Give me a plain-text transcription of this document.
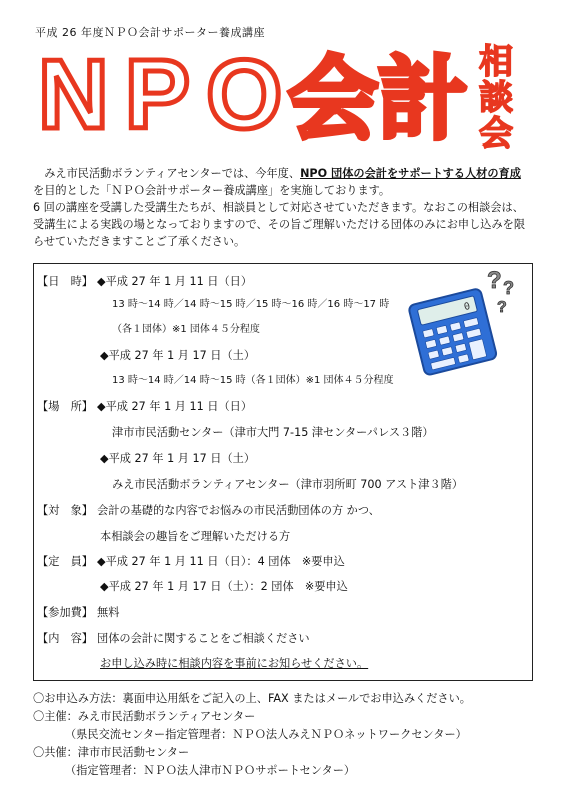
平成 26 年度ＮＰＯ会計サポーター養成講座
NPO
会計 相
談
会

　みえ市民活動ボランティアセンターでは、今年度、NPO 団体の会計をサポートする人材の育成

を目的とした「ＮＰＯ会計サポーター養成講座」を実施しております。

6 回の講座を受講した受講生たちが、相談員として対応させていただきます。なおこの相談会は、

受講生による実践の場となっておりますので、その旨ご理解いただける団体のみにお申し込みを限

らせていただきますことご了承ください。

0
? ?
?
【日　時】 ◆平成 27 年 1 月 11 日（日）
13 時～14 時／14 時～15 時／15 時～16 時／16 時～17 時
（各１団体）※1 団体４５分程度
◆平成 27 年 1 月 17 日（土）
13 時～14 時／14 時～15 時（各１団体）※1 団体４５分程度
【場　所】 ◆平成 27 年 1 月 11 日（日）
津市市民活動センター（津市大門 7-15 津センターパレス３階）
◆平成 27 年 1 月 17 日（土）
みえ市民活動ボランティアセンター（津市羽所町 700 アスト津３階）
【対　象】 会計の基礎的な内容でお悩みの市民活動団体の方 かつ、
本相談会の趣旨をご理解いただける方
【定　員】 ◆平成 27 年 1 月 11 日（日）：4 団体　※要申込
◆平成 27 年 1 月 17 日（土）：2 団体　※要申込
【参加費】 無料
【内　容】 団体の会計に関することをご相談ください
お申し込み時に相談内容を事前にお知らせください。
〇お申込み方法：裏面申込用紙をご記入の上、FAX またはメールでお申込みください。
〇主催：みえ市民活動ボランティアセンター
（県民交流センター指定管理者：ＮＰＯ法人みえＮＰＯネットワークセンター）
〇共催：津市市民活動センター
（指定管理者：ＮＰＯ法人津市ＮＰＯサポートセンター）
